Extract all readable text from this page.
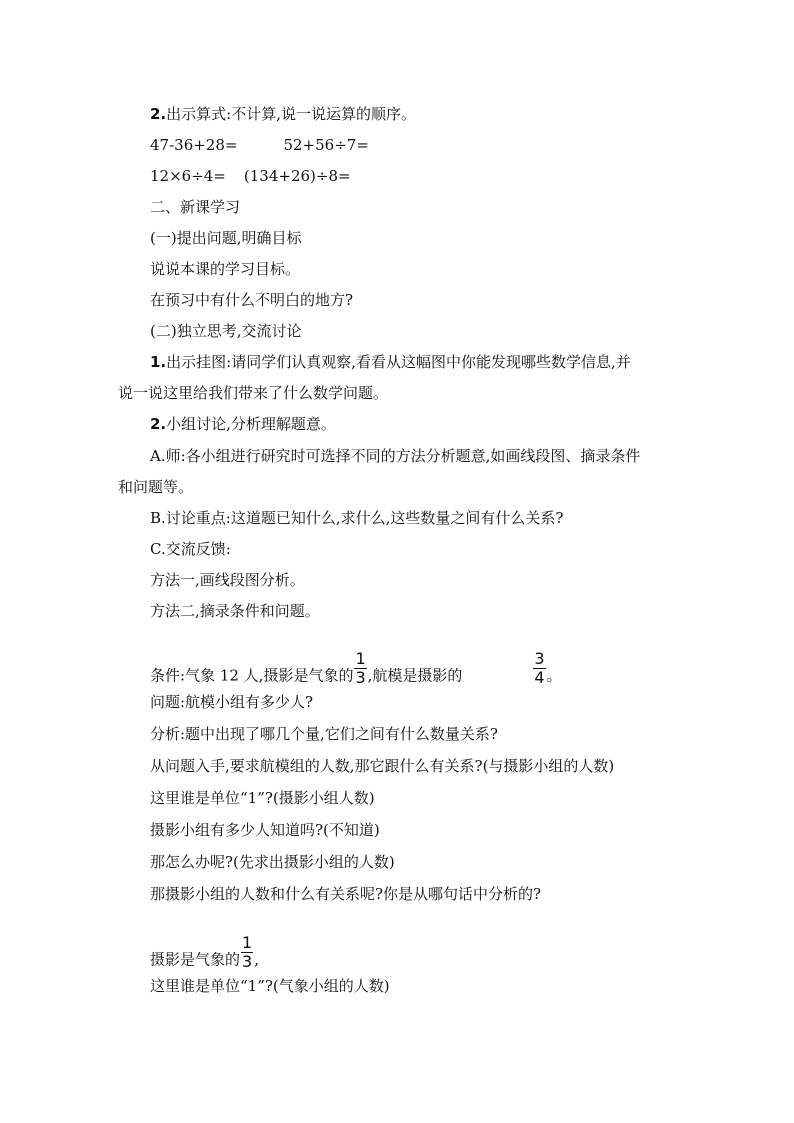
2.出示算式:不计算,说一说运算的顺序。
47-36+28=	52+56÷7=
12×6÷4= (134+26)÷8=
二、新课学习
(一)提出问题,明确目标
说说本课的学习目标。
在预习中有什么不明白的地方?
(二)独立思考,交流讨论
1.出示挂图:请同学们认真观察,看看从这幅图中你能发现哪些数学信息,并
说一说这里给我们带来了什么数学问题。
2.小组讨论,分析理解题意。
A.师:各小组进行研究时可选择不同的方法分析题意,如画线段图、摘录条件
和问题等。
B.讨论重点:这道题已知什么,求什么,这些数量之间有什么关系?
C.交流反馈:
方法一,画线段图分析。
方法二,摘录条件和问题。
条件:气象 12 人,摄影是气象的 $\frac{1}{3}$ ,航模是摄影的	$\frac{3}{4}$ 。
问题:航模小组有多少人?
分析:题中出现了哪几个量,它们之间有什么数量关系?
从问题入手,要求航模组的人数,那它跟什么有关系?(与摄影小组的人数)
这里谁是单位“1”?(摄影小组人数)
摄影小组有多少人知道吗?(不知道)
那怎么办呢?(先求出摄影小组的人数)
那摄影小组的人数和什么有关系呢?你是从哪句话中分析的?
摄影是气象的 $\frac{1}{3}$ ,
这里谁是单位“1”?(气象小组的人数)
